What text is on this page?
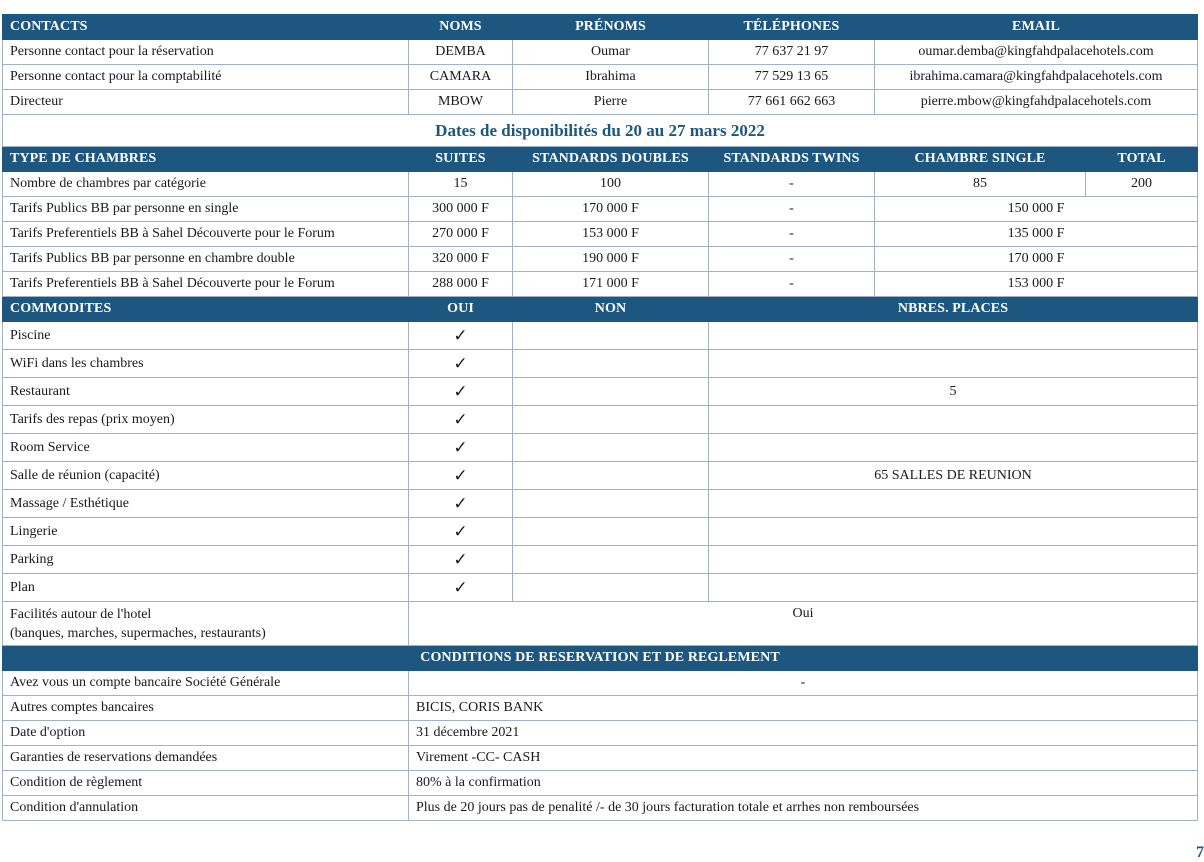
CONTACTS	NOMS	PRÉNOMS	TÉLÉPHONES	EMAIL	
Personne contact pour la réservation	DEMBA	Oumar	77 637 21 97	oumar.demba@kingfahdpalacehotels.com	
Personne contact pour la comptabilité	CAMARA	Ibrahima	77 529 13 65	ibrahima.camara@kingfahdpalacehotels.com	
Directeur	MBOW	Pierre	77 661 662 663	pierre.mbow@kingfahdpalacehotels.com	
Dates de disponibilités du 20 au 27 mars 2022					
TYPE DE CHAMBRES	SUITES	STANDARDS DOUBLES	STANDARDS TWINS	CHAMBRE SINGLE	TOTAL
Nombre de chambres par catégorie	15	100	-	85	200
Tarifs Publics BB par personne en single	300 000 F	170 000 F	-	150 000 F	
Tarifs Preferentiels BB à Sahel Découverte pour le Forum	270 000 F	153 000 F	-	135 000 F	
Tarifs Publics BB par personne en chambre double	320 000 F	190 000 F	-	170 000 F	
Tarifs Preferentiels BB à Sahel Découverte pour le Forum	288 000 F	171 000 F	-	153 000 F	
COMMODITES	OUI	NON	NBRES. PLACES		
Piscine	✓				
WiFi dans les chambres	✓				
Restaurant	✓		5		
Tarifs des repas (prix moyen)	✓				
Room Service	✓				
Salle de réunion (capacité)	✓		65 SALLES DE REUNION		
Massage / Esthétique	✓				
Lingerie	✓				
Parking	✓				
Plan	✓				

Facilités autour de l'hotel
(banques, marches, supermaches, restaurants)	Oui				
CONDITIONS DE RESERVATION ET DE REGLEMENT					
Avez vous un compte bancaire Société Générale	-				
Autres comptes bancaires	BICIS, CORIS BANK				
Date d'option	31 décembre 2021				
Garanties de reservations demandées	Virement -CC- CASH				
Condition de règlement	80% à la confirmation				
Condition d'annulation	Plus de 20 jours pas de penalité /- de 30 jours facturation totale et arrhes non remboursées				
7
